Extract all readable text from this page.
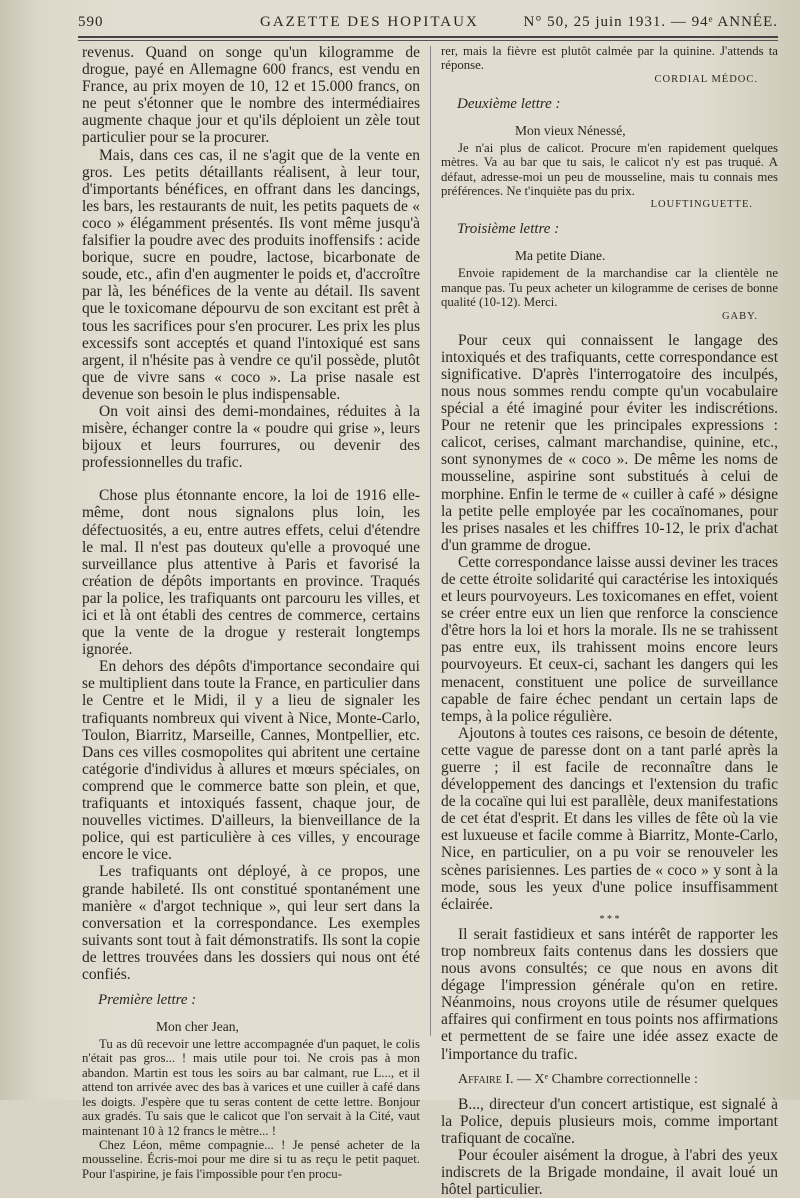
590	GAZETTE DES HOPITAUX	N° 50, 25 juin 1931. — 94ᵉ ANNÉE.

revenus. Quand on songe qu'un kilogramme de drogue, payé en Allemagne 600 francs, est vendu en France, au prix moyen de 10, 12 et 15.000 francs, on ne peut s'étonner que le nombre des intermédiaires augmente chaque jour et qu'ils déploient un zèle tout particulier pour se la procurer.

Mais, dans ces cas, il ne s'agit que de la vente en gros. Les petits détaillants réalisent, à leur tour, d'importants bénéfices, en offrant dans les dancings, les bars, les restaurants de nuit, les petits paquets de « coco » élégamment présentés. Ils vont même jusqu'à falsifier la poudre avec des produits inoffensifs : acide borique, sucre en poudre, lactose, bicarbonate de soude, etc., afin d'en augmenter le poids et, d'accroître par là, les bénéfices de la vente au détail. Ils savent que le toxicomane dépourvu de son excitant est prêt à tous les sacrifices pour s'en procurer. Les prix les plus excessifs sont acceptés et quand l'intoxiqué est sans argent, il n'hésite pas à vendre ce qu'il possède, plutôt que de vivre sans « coco ». La prise nasale est devenue son besoin le plus indispensable.

On voit ainsi des demi-mondaines, réduites à la misère, échanger contre la « poudre qui grise », leurs bijoux et leurs fourrures, ou devenir des professionnelles du trafic.

Chose plus étonnante encore, la loi de 1916 elle-même, dont nous signalons plus loin, les défectuosités, a eu, entre autres effets, celui d'étendre le mal. Il n'est pas douteux qu'elle a provoqué une surveillance plus attentive à Paris et favorisé la création de dépôts importants en province. Traqués par la police, les trafiquants ont parcouru les villes, et ici et là ont établi des centres de commerce, certains que la vente de la drogue y resterait longtemps ignorée.

En dehors des dépôts d'importance secondaire qui se multiplient dans toute la France, en particulier dans le Centre et le Midi, il y a lieu de signaler les trafiquants nombreux qui vivent à Nice, Monte-Carlo, Toulon, Biarritz, Marseille, Cannes, Montpellier, etc. Dans ces villes cosmopolites qui abritent une certaine catégorie d'individus à allures et mœurs spéciales, on comprend que le commerce batte son plein, et que, trafiquants et intoxiqués fassent, chaque jour, de nouvelles victimes. D'ailleurs, la bienveillance de la police, qui est particulière à ces villes, y encourage encore le vice.

Les trafiquants ont déployé, à ce propos, une grande habileté. Ils ont constitué spontanément une manière « d'argot technique », qui leur sert dans la conversation et la correspondance. Les exemples suivants sont tout à fait démonstratifs. Ils sont la copie de lettres trouvées dans les dossiers qui nous ont été confiés.

Première lettre :
Mon cher Jean,

Tu as dû recevoir une lettre accompagnée d'un paquet, le colis n'était pas gros... ! mais utile pour toi. Ne crois pas à mon abandon. Martin est tous les soirs au bar calmant, rue L..., et il attend ton arrivée avec des bas à varices et une cuiller à café dans les doigts. J'espère que tu seras content de cette lettre. Bonjour aux gradés. Tu sais que le calicot que l'on servait à la Cité, vaut maintenant 10 à 12 francs le mètre... !

Chez Léon, même compagnie... ! Je pensé acheter de la mousseline. Écris-moi pour me dire si tu as reçu le petit paquet. Pour l'aspirine, je fais l'impossible pour t'en procu-

rer, mais la fièvre est plutôt calmée par la quinine. J'attends ta réponse.

CORDIAL MÉDOC.
Deuxième lettre :
Mon vieux Nénessé,

Je n'ai plus de calicot. Procure m'en rapidement quelques mètres. Va au bar que tu sais, le calicot n'y est pas truqué. A défaut, adresse-moi un peu de mousseline, mais tu connais mes préférences. Ne t'inquiète pas du prix.

LOUFTINGUETTE.
Troisième lettre :
Ma petite Diane.

Envoie rapidement de la marchandise car la clientèle ne manque pas. Tu peux acheter un kilogramme de cerises de bonne qualité (10-12). Merci.

GABY.

Pour ceux qui connaissent le langage des intoxiqués et des trafiquants, cette correspondance est significative. D'après l'interrogatoire des inculpés, nous nous sommes rendu compte qu'un vocabulaire spécial a été imaginé pour éviter les indiscrétions. Pour ne retenir que les principales expressions : calicot, cerises, calmant marchandise, quinine, etc., sont synonymes de « coco ». De même les noms de mousseline, aspirine sont substitués à celui de morphine. Enfin le terme de « cuiller à café » désigne la petite pelle employée par les cocaïnomanes, pour les prises nasales et les chiffres 10-12, le prix d'achat d'un gramme de drogue.

Cette correspondance laisse aussi deviner les traces de cette étroite solidarité qui caractérise les intoxiqués et leurs pourvoyeurs. Les toxicomanes en effet, voient se créer entre eux un lien que renforce la conscience d'être hors la loi et hors la morale. Ils ne se trahissent pas entre eux, ils trahissent moins encore leurs pourvoyeurs. Et ceux-ci, sachant les dangers qui les menacent, constituent une police de surveillance capable de faire échec pendant un certain laps de temps, à la police régulière.

Ajoutons à toutes ces raisons, ce besoin de détente, cette vague de paresse dont on a tant parlé après la guerre ; il est facile de reconnaître dans le développement des dancings et l'extension du trafic de la cocaïne qui lui est parallèle, deux manifestations de cet état d'esprit. Et dans les villes de fête où la vie est luxueuse et facile comme à Biarritz, Monte-Carlo, Nice, en particulier, on a pu voir se renouveler les scènes parisiennes. Les parties de « coco » y sont à la mode, sous les yeux d'une police insuffisamment éclairée.

* * *

Il serait fastidieux et sans intérêt de rapporter les trop nombreux faits contenus dans les dossiers que nous avons consultés; ce que nous en avons dit dégage l'impression générale qu'on en retire. Néanmoins, nous croyons utile de résumer quelques affaires qui confirment en tous points nos affirmations et permettent de se faire une idée assez exacte de l'importance du trafic.

Affaire I. — Xᵉ Chambre correctionnelle :

B..., directeur d'un concert artistique, est signalé à la Police, depuis plusieurs mois, comme important trafiquant de cocaïne.

Pour écouler aisément la drogue, à l'abri des yeux indiscrets de la Brigade mondaine, il avait loué un hôtel particulier.
